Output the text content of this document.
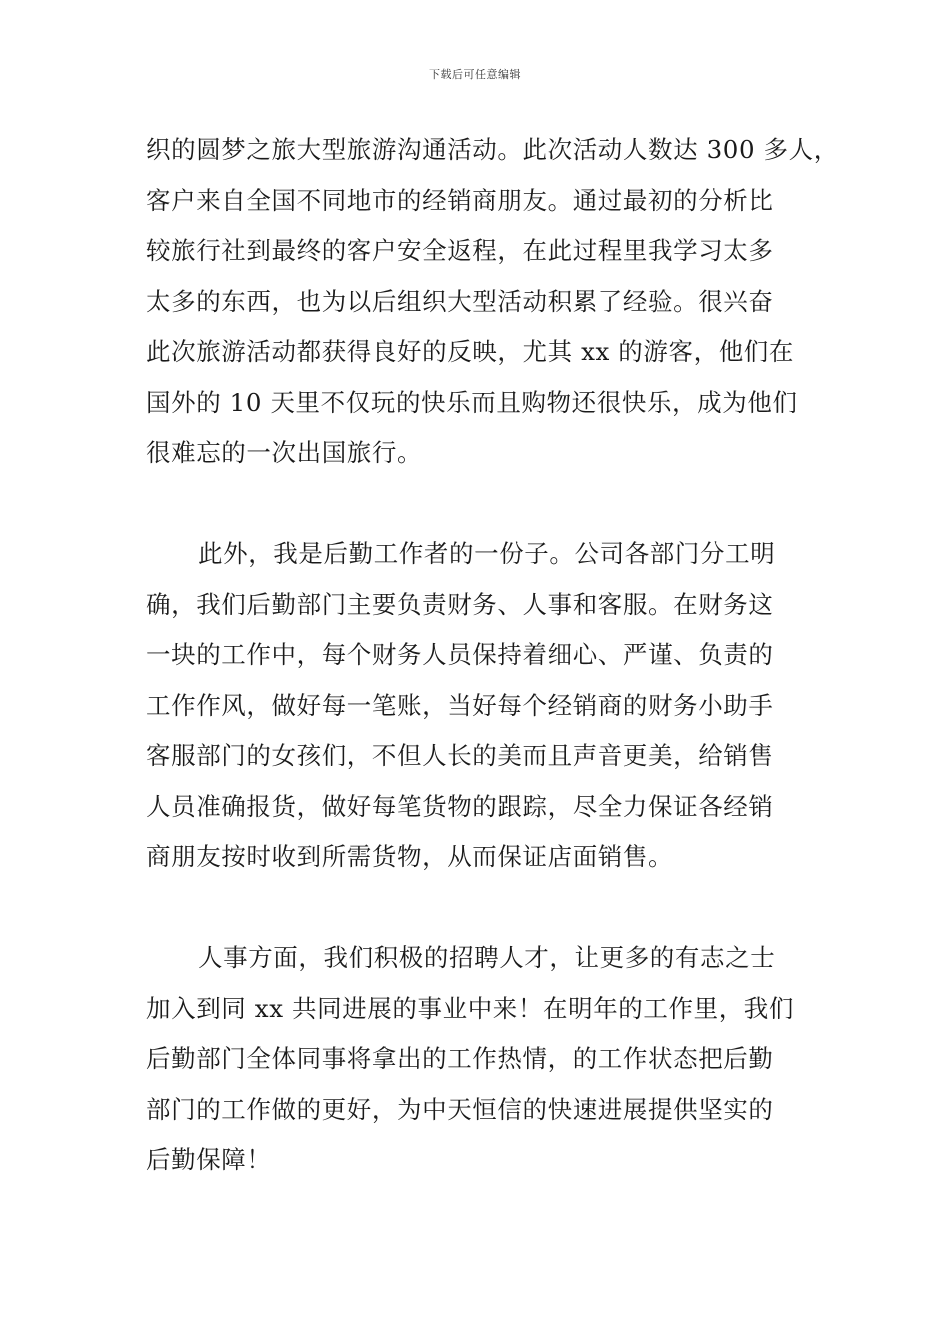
下载后可任意编辑
织的圆梦之旅大型旅游沟通活动。此次活动人数达 300 多人，
客户来自全国不同地市的经销商朋友。通过最初的分析比
较旅行社到最终的客户安全返程，在此过程里我学习太多
太多的东西，也为以后组织大型活动积累了经验。很兴奋
此次旅游活动都获得良好的反映，尤其 xx 的游客，他们在
国外的 10 天里不仅玩的快乐而且购物还很快乐，成为他们
很难忘的一次出国旅行。
此外，我是后勤工作者的一份子。公司各部门分工明
确，我们后勤部门主要负责财务、人事和客服。在财务这
一块的工作中，每个财务人员保持着细心、严谨、负责的
工作作风，做好每一笔账，当好每个经销商的财务小助手
客服部门的女孩们，不但人长的美而且声音更美，给销售
人员准确报货，做好每笔货物的跟踪，尽全力保证各经销
商朋友按时收到所需货物，从而保证店面销售。
人事方面，我们积极的招聘人才，让更多的有志之士
加入到同 xx 共同进展的事业中来！在明年的工作里，我们
后勤部门全体同事将拿出的工作热情，的工作状态把后勤
部门的工作做的更好，为中天恒信的快速进展提供坚实的
后勤保障！
